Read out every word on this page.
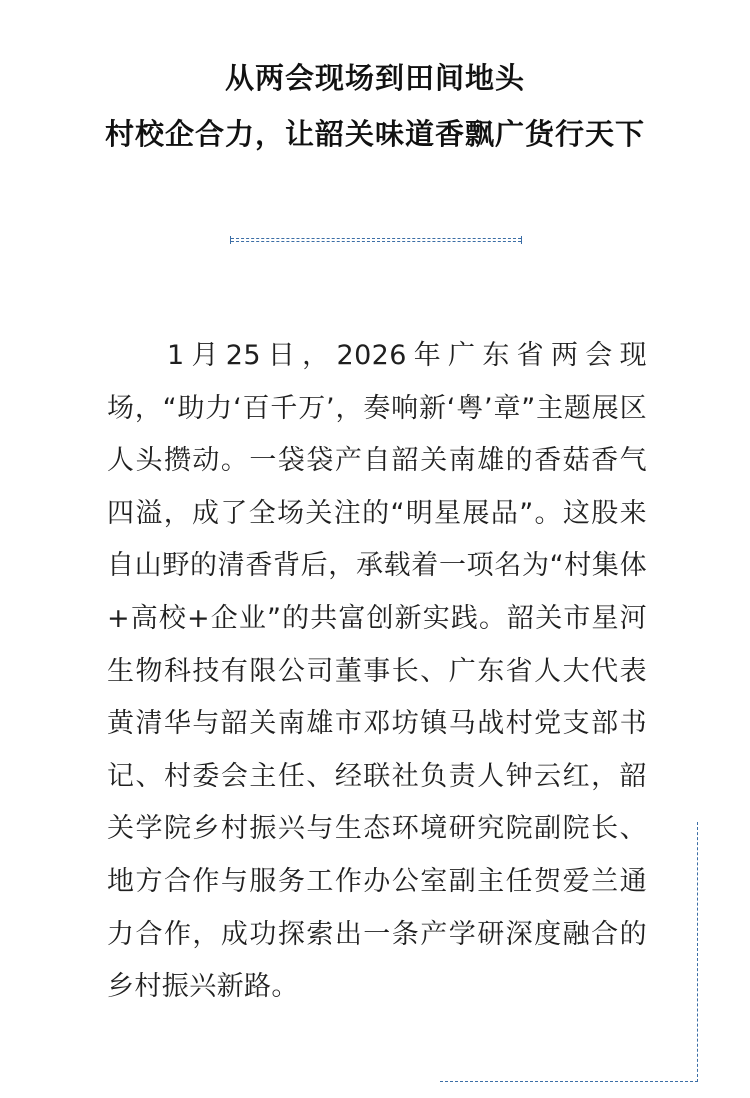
从两会现场到田间地头
村校企合力，让韶关味道香飘广货行天下

1月25日，2026年广东省两会现场，“助力‘百千万’，奏响新‘粤’章”主题展区人头攒动。一袋袋产自韶关南雄的香菇香气四溢，成了全场关注的“明星展品”。这股来自山野的清香背后，承载着一项名为“村集体+高校+企业”的共富创新实践。韶关市星河生物科技有限公司董事长、广东省人大代表黄清华与韶关南雄市邓坊镇马战村党支部书记、村委会主任、经联社负责人钟云红，韶关学院乡村振兴与生态环境研究院副院长、地方合作与服务工作办公室副主任贺爱兰通力合作，成功探索出一条产学研深度融合的乡村振兴新路。
